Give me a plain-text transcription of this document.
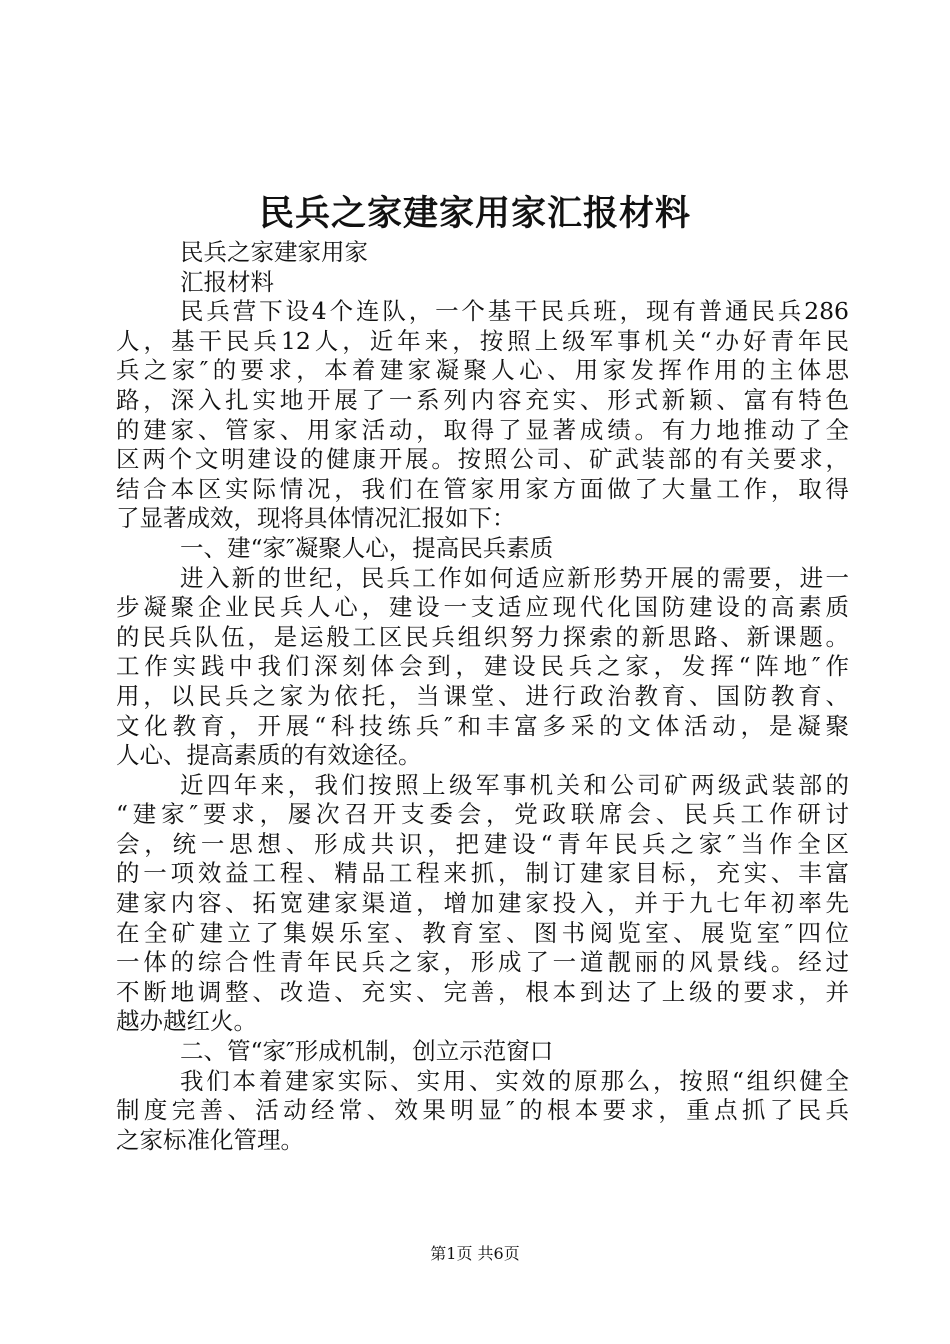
民兵之家建家用家汇报材料
民兵之家建家用家
汇报材料
民兵营下设4个连队，一个基干民兵班，现有普通民兵286
人，基干民兵12人，近年来，按照上级军事机关“办好青年民
兵之家″的要求，本着建家凝聚人心、用家发挥作用的主体思
路，深入扎实地开展了一系列内容充实、形式新颖、富有特色
的建家、管家、用家活动，取得了显著成绩。有力地推动了全
区两个文明建设的健康开展。按照公司、矿武装部的有关要求，
结合本区实际情况，我们在管家用家方面做了大量工作，取得
了显著成效，现将具体情况汇报如下：
一、建“家″凝聚人心，提高民兵素质
进入新的世纪，民兵工作如何适应新形势开展的需要，进一
步凝聚企业民兵人心，建设一支适应现代化国防建设的高素质
的民兵队伍，是运般工区民兵组织努力探索的新思路、新课题。
工作实践中我们深刻体会到，建设民兵之家，发挥“阵地″作
用，以民兵之家为依托，当课堂、进行政治教育、国防教育、
文化教育，开展“科技练兵″和丰富多采的文体活动，是凝聚
人心、提高素质的有效途径。
近四年来，我们按照上级军事机关和公司矿两级武装部的
“建家″要求，屡次召开支委会，党政联席会、民兵工作研讨
会，统一思想、形成共识，把建设“青年民兵之家″当作全区
的一项效益工程、精品工程来抓，制订建家目标，充实、丰富
建家内容、拓宽建家渠道，增加建家投入，并于九七年初率先
在全矿建立了集娱乐室、教育室、图书阅览室、展览室″四位
一体的综合性青年民兵之家，形成了一道靓丽的风景线。经过
不断地调整、改造、充实、完善，根本到达了上级的要求，并
越办越红火。
二、管“家″形成机制，创立示范窗口
我们本着建家实际、实用、实效的原那么，按照“组织健全
制度完善、活动经常、效果明显″的根本要求，重点抓了民兵
之家标准化管理。
第1页 共6页
